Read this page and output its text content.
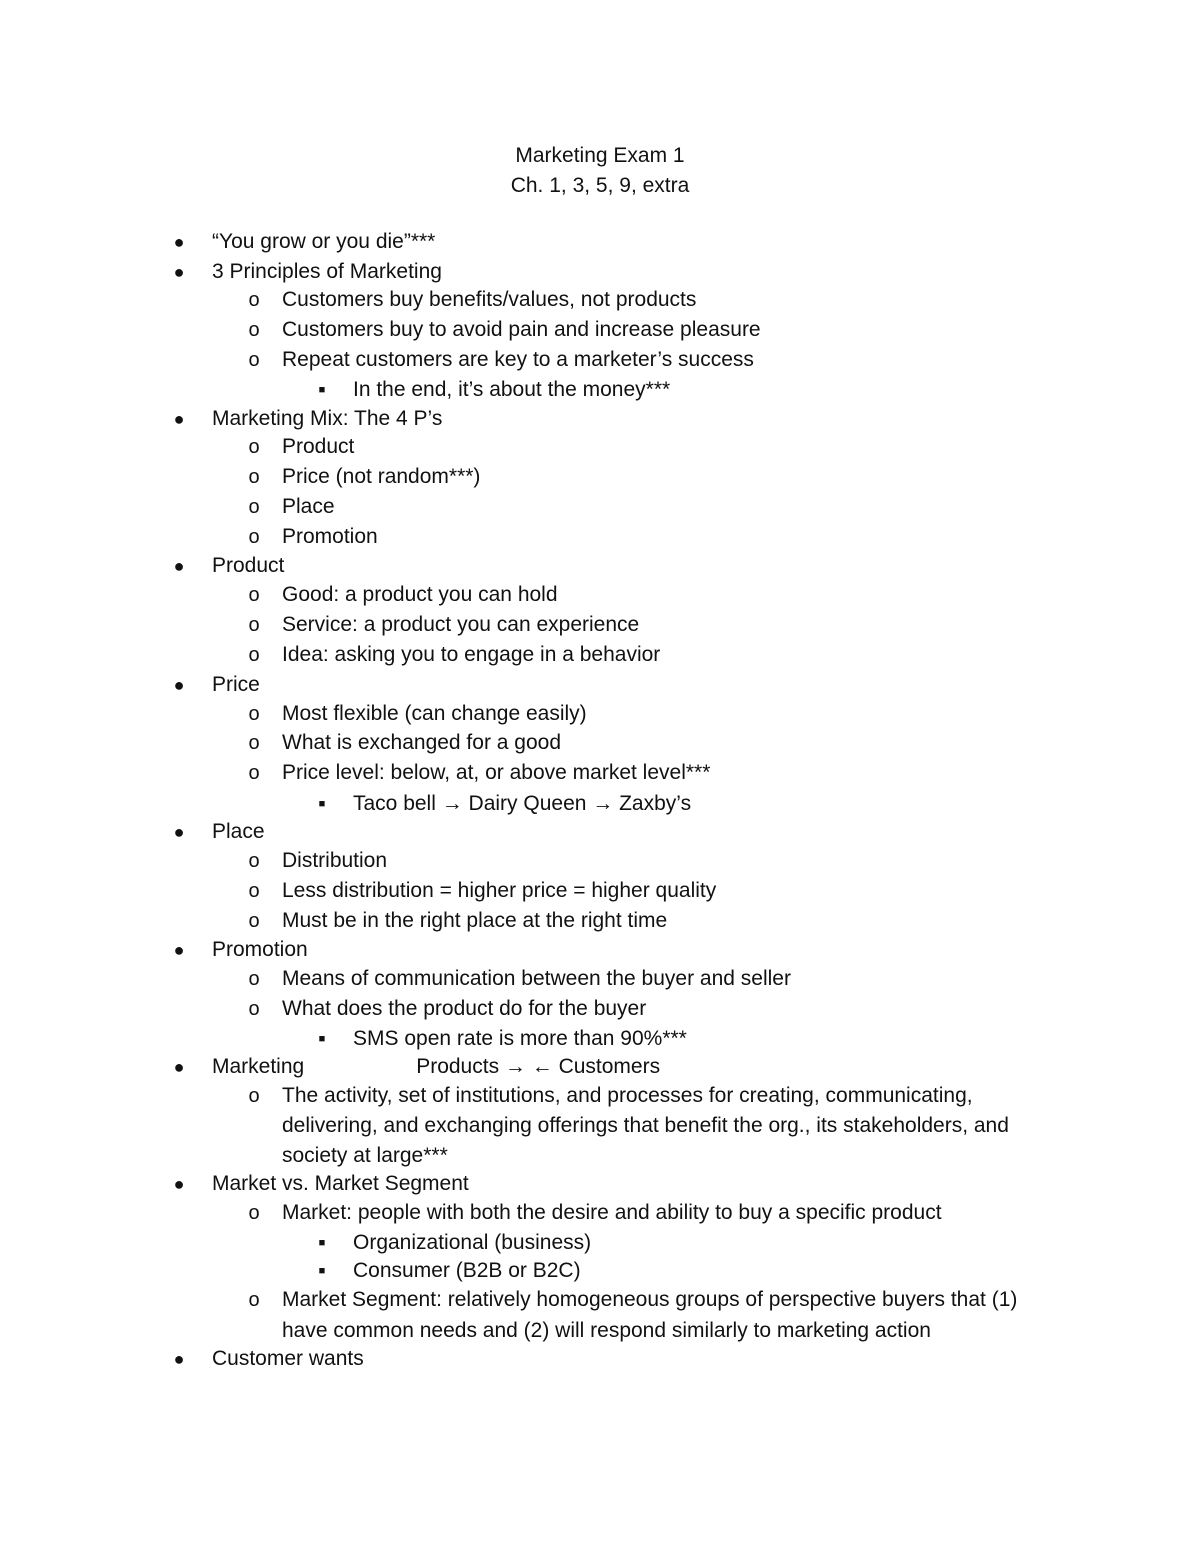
Marketing Exam 1
Ch. 1, 3, 5, 9, extra
● “You grow or you die”***
● 3 Principles of Marketing
o Customers buy benefits/values, not products
o Customers buy to avoid pain and increase pleasure
o Repeat customers are key to a marketer’s success
■ In the end, it’s about the money***
● Marketing Mix: The 4 P’s
o Product
o Price (not random***)
o Place
o Promotion
● Product
o Good: a product you can hold
o Service: a product you can experience
o Idea: asking you to engage in a behavior
● Price
o Most flexible (can change easily)
o What is exchanged for a good
o Price level: below, at, or above market level***
■ Taco bell → Dairy Queen → Zaxby’s
● Place
o Distribution
o Less distribution = higher price = higher quality
o Must be in the right place at the right time
● Promotion
o Means of communication between the buyer and seller
o What does the product do for the buyer
■ SMS open rate is more than 90%***
● Marketing	Products → ← Customers
o The activity, set of institutions, and processes for creating, communicating,
delivering, and exchanging offerings that benefit the org., its stakeholders, and
society at large***
● Market vs. Market Segment
o Market: people with both the desire and ability to buy a specific product
■ Organizational (business)
■ Consumer (B2B or B2C)
o Market Segment: relatively homogeneous groups of perspective buyers that (1)
have common needs and (2) will respond similarly to marketing action
● Customer wants
